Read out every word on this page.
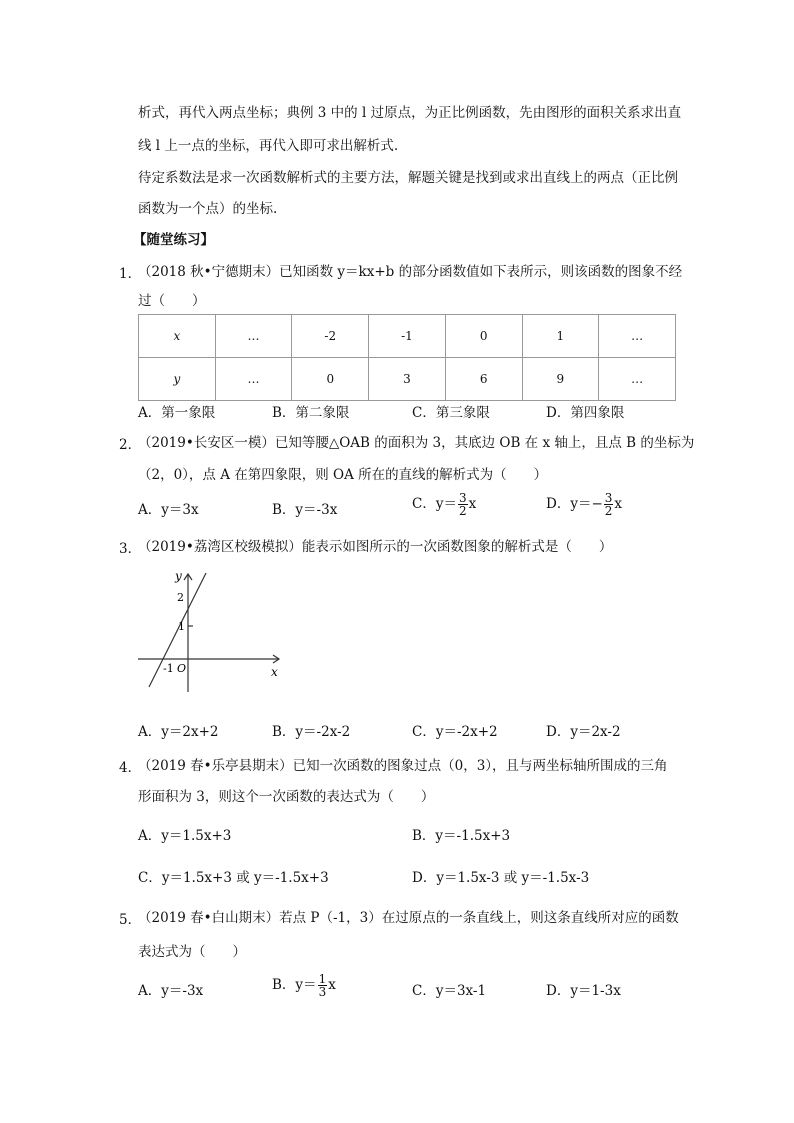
析式，再代入两点坐标；典例 3 中的 l 过原点，为正比例函数，先由图形的面积关系求出直
线 l 上一点的坐标，再代入即可求出解析式.
待定系数法是求一次函数解析式的主要方法，解题关键是找到或求出直线上的两点（正比例
函数为一个点）的坐标.
【随堂练习】
1．
（2018 秋•宁德期末）已知函数 y＝kx+b 的部分函数值如下表所示，则该函数的图象不经
过（　　）
x	…	-2	-1	0	1	…
y	…	0	3	6	9	…
A．第一象限	B．第二象限	C．第三象限	D．第四象限
2．
（2019•长安区一模）已知等腰△OAB 的面积为 3，其底边 OB 在 x 轴上，且点 B 的坐标为
（2，0），点 A 在第四象限，则 OA 所在的直线的解析式为（　　）
A．y＝3x	B．y＝-3x	C．$y= \frac{3}{2}$ x	D．$y=- \frac{3}{2}$ x
3．
（2019•荔湾区校级模拟）能表示如图所示的一次函数图象的解析式是（　　）
y
x
2
1
-1 O
A．y＝2x+2	B．y＝-2x-2	C．y＝-2x+2	D．y＝2x-2
4．
（2019 春•乐亭县期末）已知一次函数的图象过点（0，3），且与两坐标轴所围成的三角
形面积为 3，则这个一次函数的表达式为（　　）
A．y＝1.5x+3	B．y＝-1.5x+3
C．y＝1.5x+3 或 y＝-1.5x+3	D．y＝1.5x-3 或 y＝-1.5x-3
5．
（2019 春•白山期末）若点 P（-1，3）在过原点的一条直线上，则这条直线所对应的函数
表达式为（　　）
A．y＝-3x	B．$y= \frac{1}{3}$ x	C．y＝3x-1	D．y＝1-3x
